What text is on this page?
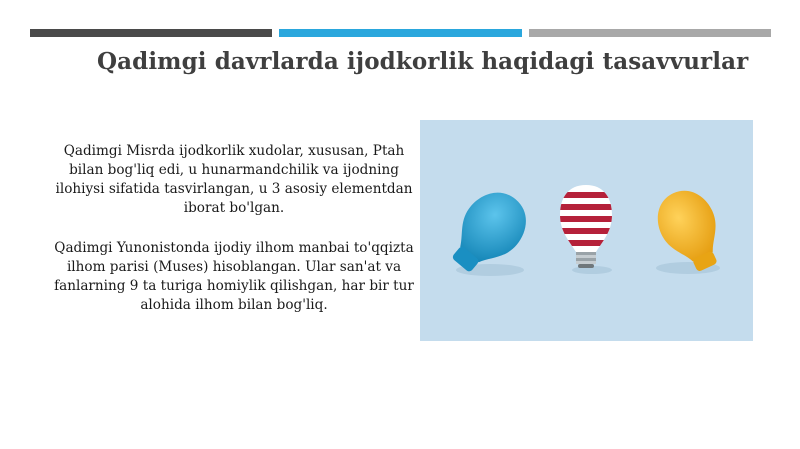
Qadimgi davrlarda ijodkorlik haqidagi tasavvurlar

Qadimgi Misrda ijodkorlik xudolar, xususan, Ptah bilan bog'liq edi, u hunarmandchilik va ijodning ilohiysi sifatida tasvirlangan, u 3 asosiy elementdan iborat bo'lgan.

Qadimgi Yunonistonda ijodiy ilhom manbai to'qqizta ilhom parisi (Muses) hisoblangan. Ular san'at va fanlarning 9 ta turiga homiylik qilishgan, har bir tur alohida ilhom bilan bog'liq.
